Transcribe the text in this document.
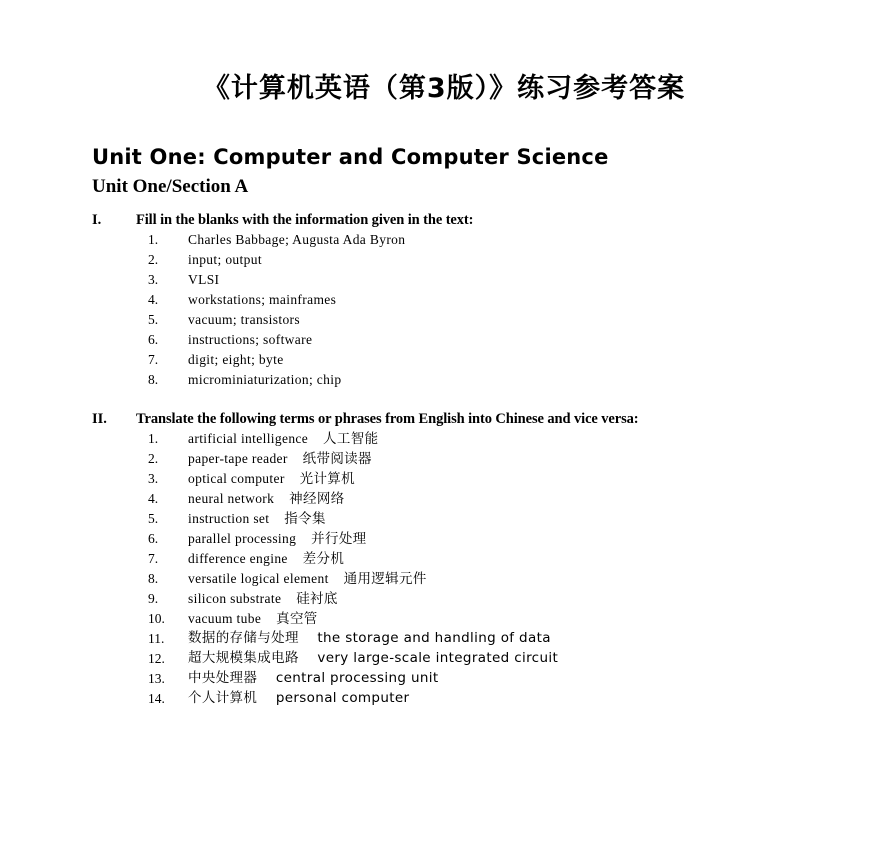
《计算机英语（第3版）》练习参考答案
Unit One: Computer and Computer Science
Unit One/Section A
I.	Fill in the blanks with the information given in the text:
1.	Charles Babbage; Augusta Ada Byron
2.	input; output
3.	VLSI
4.	workstations; mainframes
5.	vacuum; transistors
6.	instructions; software
7.	digit; eight; byte
8.	microminiaturization; chip
II.	Translate the following terms or phrases from English into Chinese and vice versa:
1.	artificial intelligence    人工智能
2.	paper-tape reader    纸带阅读器
3.	optical computer    光计算机
4.	neural network    神经网络
5.	instruction set    指令集
6.	parallel processing    并行处理
7.	difference engine    差分机
8.	versatile logical element    通用逻辑元件
9.	silicon substrate    硅衬底
10.	vacuum tube    真空管
11.	数据的存储与处理    the storage and handling of data
12.	超大规模集成电路    very large-scale integrated circuit
13.	中央处理器    central processing unit
14.	个人计算机    personal computer
